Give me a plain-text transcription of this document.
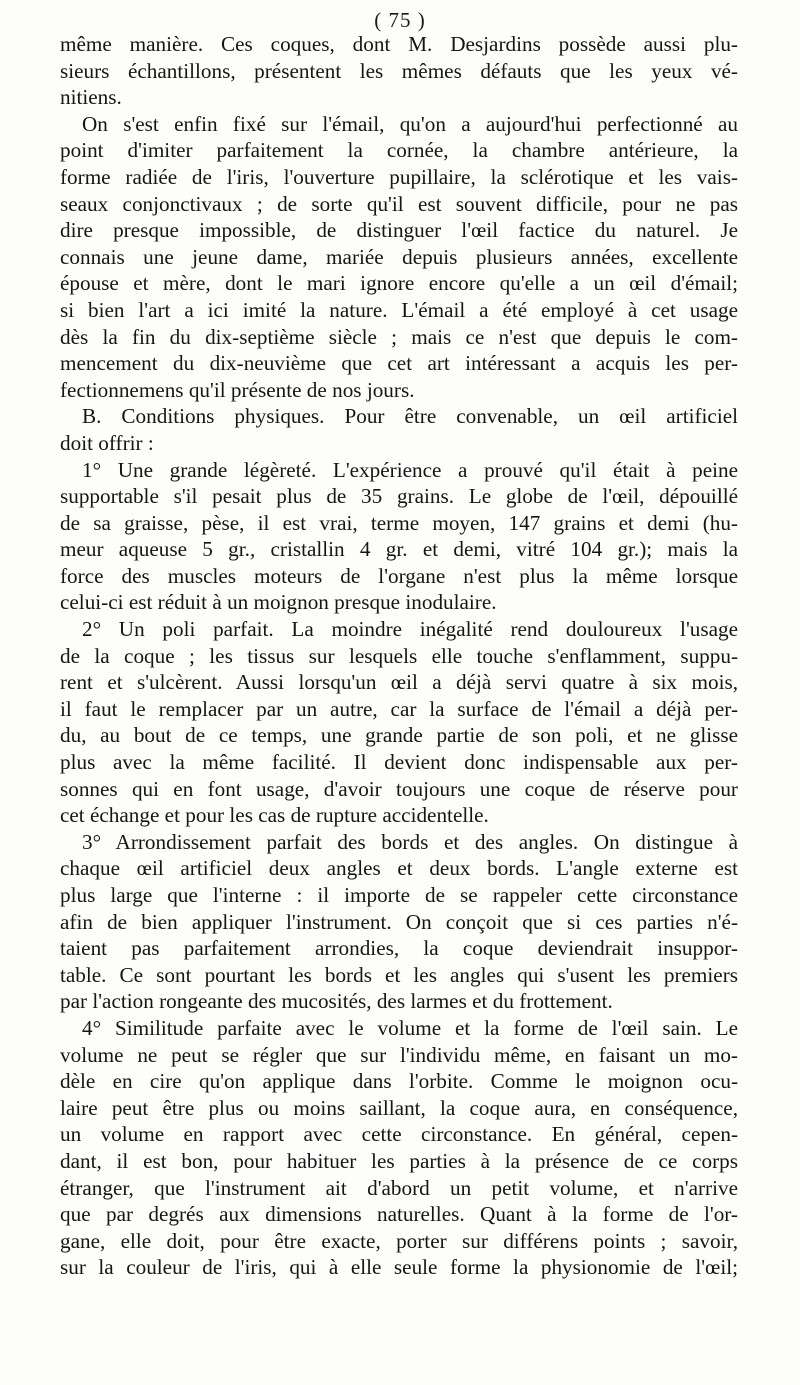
( 75 )
même manière. Ces coques, dont M. Desjardins possède aussi plu-
sieurs échantillons, présentent les mêmes défauts que les yeux vé-
nitiens.
On s'est enfin fixé sur l'émail, qu'on a aujourd'hui perfectionné au
point d'imiter parfaitement la cornée, la chambre antérieure, la
forme radiée de l'iris, l'ouverture pupillaire, la sclérotique et les vais-
seaux conjonctivaux ; de sorte qu'il est souvent difficile, pour ne pas
dire presque impossible, de distinguer l'œil factice du naturel. Je
connais une jeune dame, mariée depuis plusieurs années, excellente
épouse et mère, dont le mari ignore encore qu'elle a un œil d'émail;
si bien l'art a ici imité la nature. L'émail a été employé à cet usage
dès la fin du dix-septième siècle ; mais ce n'est que depuis le com-
mencement du dix-neuvième que cet art intéressant a acquis les per-
fectionnemens qu'il présente de nos jours.
B. Conditions physiques. Pour être convenable, un œil artificiel
doit offrir :
1° Une grande légèreté. L'expérience a prouvé qu'il était à peine
supportable s'il pesait plus de 35 grains. Le globe de l'œil, dépouillé
de sa graisse, pèse, il est vrai, terme moyen, 147 grains et demi (hu-
meur aqueuse 5 gr., cristallin 4 gr. et demi, vitré 104 gr.); mais la
force des muscles moteurs de l'organe n'est plus la même lorsque
celui-ci est réduit à un moignon presque inodulaire.
2° Un poli parfait. La moindre inégalité rend douloureux l'usage
de la coque ; les tissus sur lesquels elle touche s'enflamment, suppu-
rent et s'ulcèrent. Aussi lorsqu'un œil a déjà servi quatre à six mois,
il faut le remplacer par un autre, car la surface de l'émail a déjà per-
du, au bout de ce temps, une grande partie de son poli, et ne glisse
plus avec la même facilité. Il devient donc indispensable aux per-
sonnes qui en font usage, d'avoir toujours une coque de réserve pour
cet échange et pour les cas de rupture accidentelle.
3° Arrondissement parfait des bords et des angles. On distingue à
chaque œil artificiel deux angles et deux bords. L'angle externe est
plus large que l'interne : il importe de se rappeler cette circonstance
afin de bien appliquer l'instrument. On conçoit que si ces parties n'é-
taient pas parfaitement arrondies, la coque deviendrait insuppor-
table. Ce sont pourtant les bords et les angles qui s'usent les premiers
par l'action rongeante des mucosités, des larmes et du frottement.
4° Similitude parfaite avec le volume et la forme de l'œil sain. Le
volume ne peut se régler que sur l'individu même, en faisant un mo-
dèle en cire qu'on applique dans l'orbite. Comme le moignon ocu-
laire peut être plus ou moins saillant, la coque aura, en conséquence,
un volume en rapport avec cette circonstance. En général, cepen-
dant, il est bon, pour habituer les parties à la présence de ce corps
étranger, que l'instrument ait d'abord un petit volume, et n'arrive
que par degrés aux dimensions naturelles. Quant à la forme de l'or-
gane, elle doit, pour être exacte, porter sur différens points ; savoir,
sur la couleur de l'iris, qui à elle seule forme la physionomie de l'œil;
